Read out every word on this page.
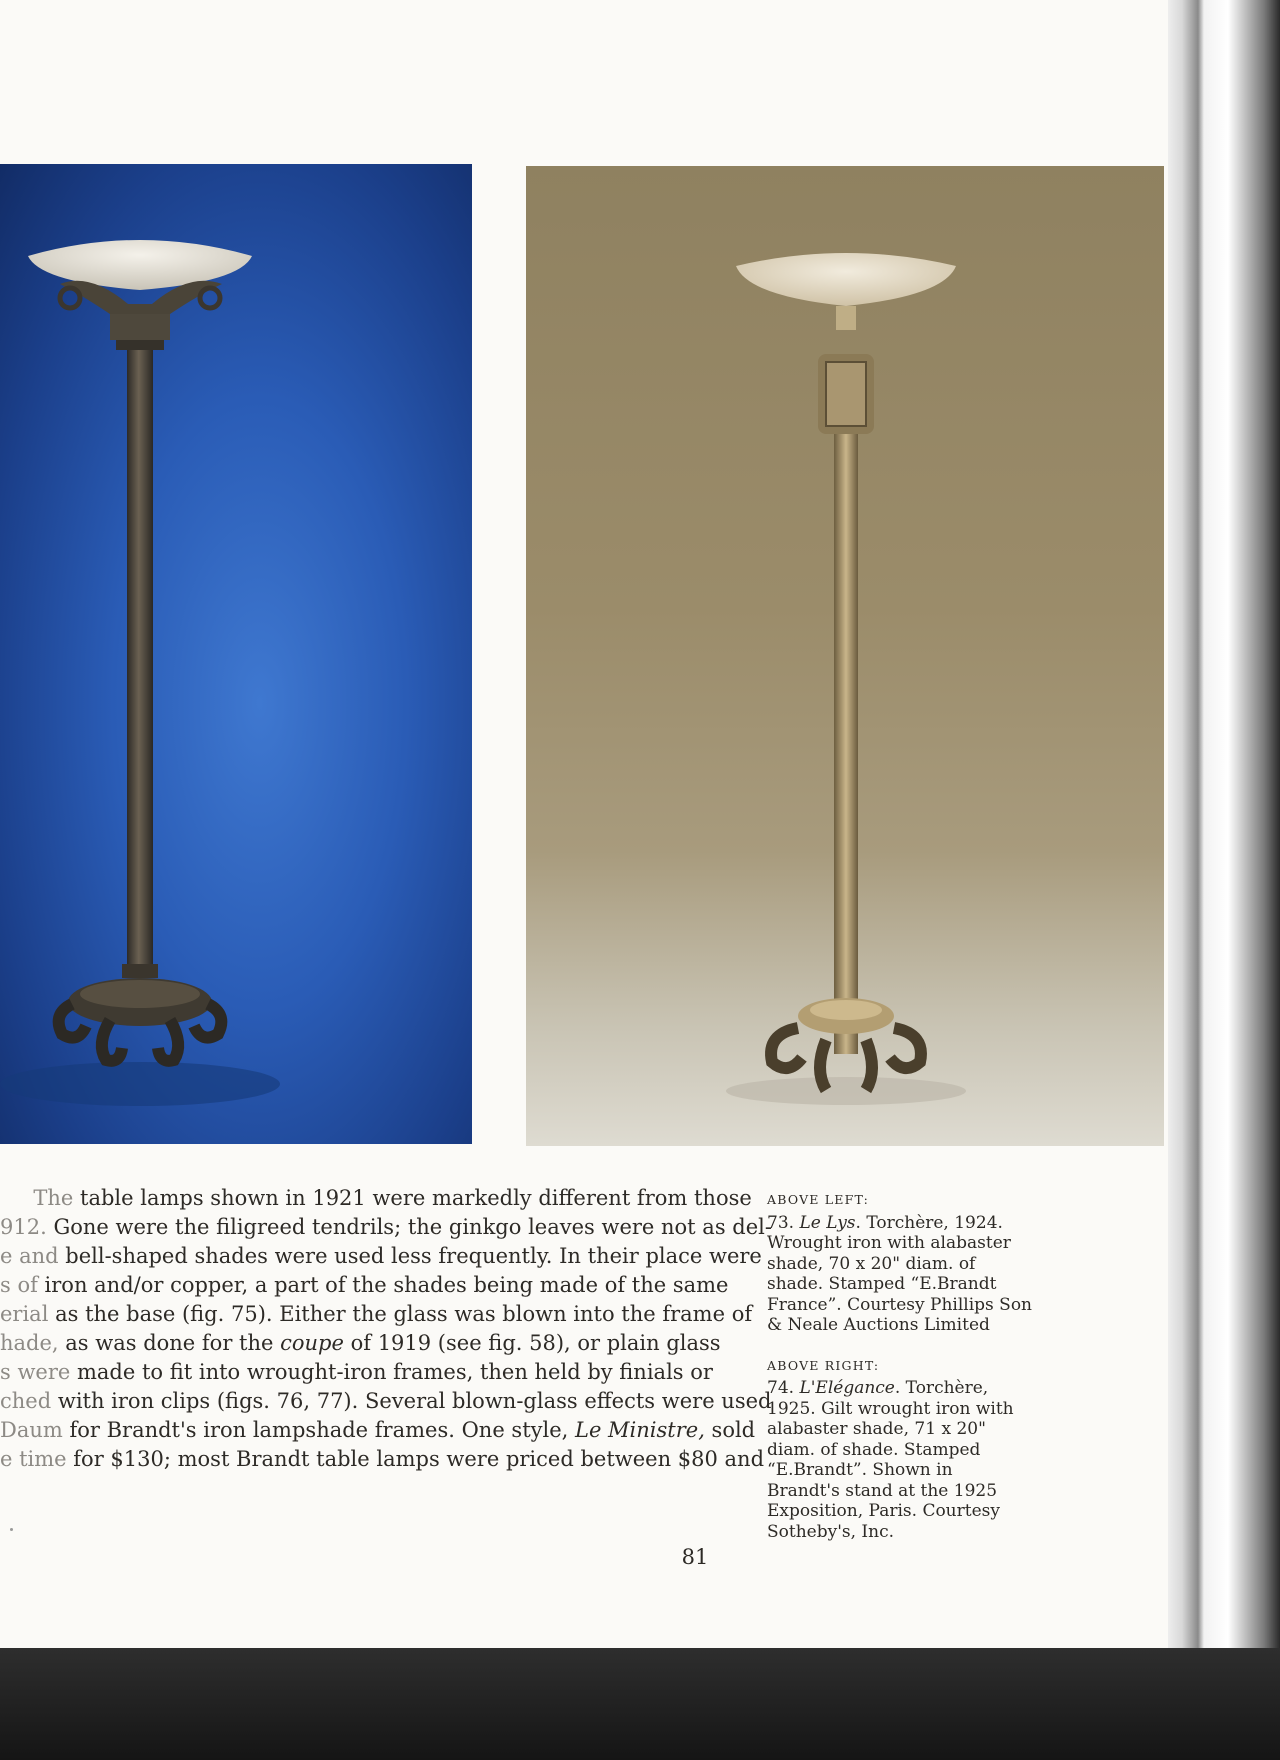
The table lamps shown in 1921 were markedly different from those
912. Gone were the filigreed tendrils; the ginkgo leaves were not as del-
e and bell-shaped shades were used less frequently. In their place were
s of iron and/or copper, a part of the shades being made of the same
erial as the base (fig. 75). Either the glass was blown into the frame of
hade, as was done for the coupe of 1919 (see fig. 58), or plain glass
s were made to fit into wrought-iron frames, then held by finials or
ched with iron clips (figs. 76, 77). Several blown-glass effects were used
Daum for Brandt's iron lampshade frames. One style, Le Ministre, sold
e time for $130; most Brandt table lamps were priced between $80 and
ABOVE LEFT:
73. Le Lys. Torchère, 1924.
Wrought iron with alabaster
shade, 70 x 20" diam. of
shade. Stamped “E.Brandt
France”. Courtesy Phillips Son
& Neale Auctions Limited
ABOVE RIGHT:
74. L'Elégance. Torchère,
1925. Gilt wrought iron with
alabaster shade, 71 x 20"
diam. of shade. Stamped
“E.Brandt”. Shown in
Brandt's stand at the 1925
Exposition, Paris. Courtesy
Sotheby's, Inc.
81
